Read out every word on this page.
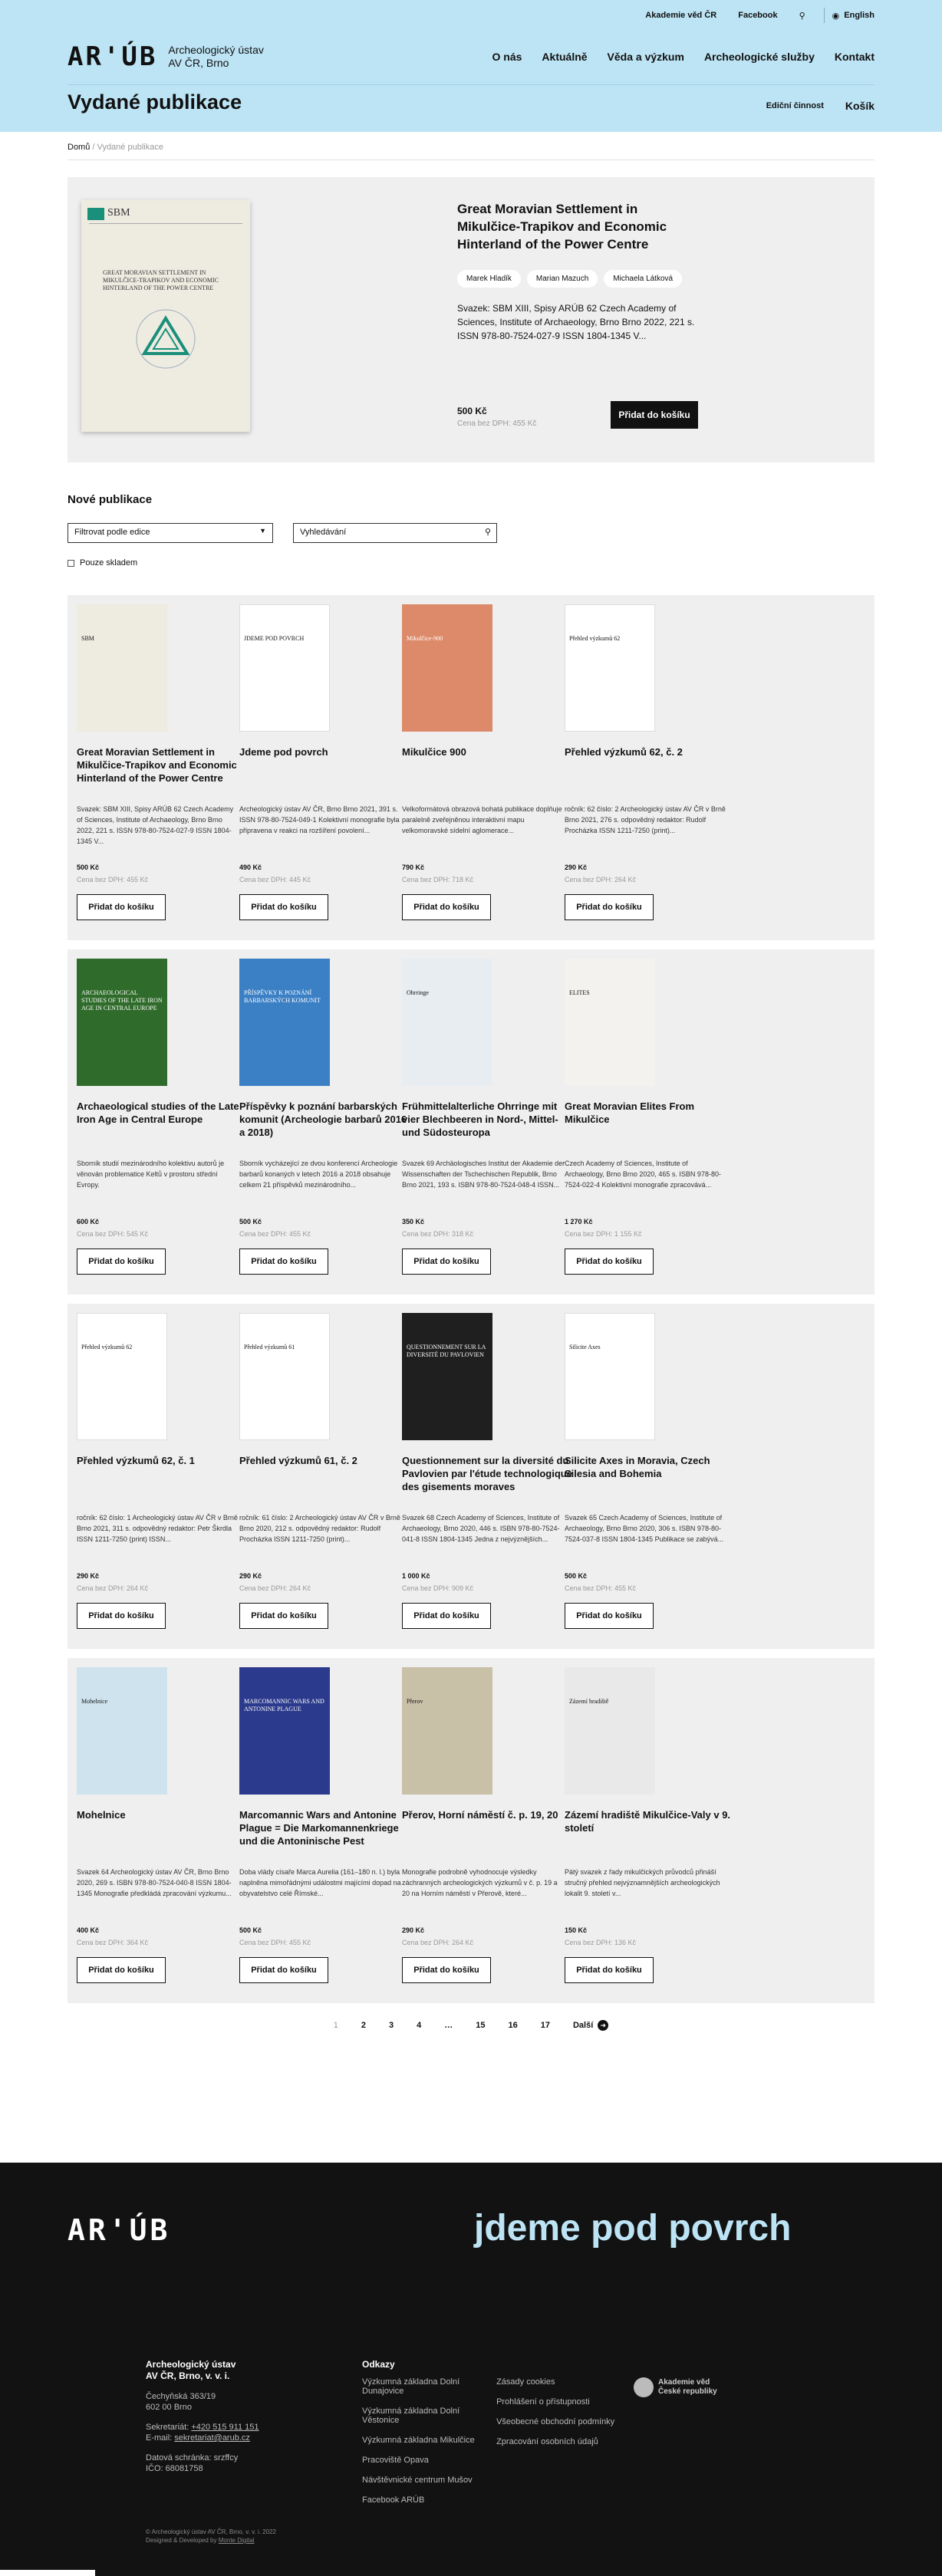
Akademie věd ČR	Facebook	⚲	◉ English
AR'ÚB Archeologický ústav
AV ČR, Brno	O nás Aktuálně Věda a výzkum Archeologické služby Kontakt
Vydané publikace	Ediční činnost Košík
Domů / Vydané publikace
SBM
GREAT MORAVIAN SETTLEMENT IN MIKULČICE-TRAPIKOV AND ECONOMIC HINTERLAND OF THE POWER CENTRE
Great Moravian Settlement in Mikulčice-Trapikov and Economic Hinterland of the Power Centre
Marek Hladík	Marian Mazuch	Michaela Látková
Svazek: SBM XIII, Spisy ARÚB 62 Czech Academy of Sciences, Institute of Archaeology, Brno Brno 2022, 221 s. ISSN 978-80-7524-027-9 ISSN 1804-1345 V...
500 Kč
Cena bez DPH: 455 Kč
Přidat do košíku
Nové publikace
Filtrovat podle edice	▼	Vyhledávání	⚲
Pouze skladem
SBM
Great Moravian Settlement in Mikulčice-Trapikov and Economic Hinterland of the Power Centre
Svazek: SBM XIII, Spisy ARÚB 62 Czech Academy of Sciences, Institute of Archaeology, Brno Brno 2022, 221 s. ISSN 978-80-7524-027-9 ISSN 1804-1345 V...
500 Kč
Cena bez DPH: 455 Kč
Přidat do košíku
JDEME POD POVRCH
Jdeme pod povrch
Archeologický ústav AV ČR, Brno Brno 2021, 391 s. ISSN 978-80-7524-049-1 Kolektivní monografie byla připravena v reakci na rozšíření povolení...
490 Kč
Cena bez DPH: 445 Kč
Přidat do košíku
Mikulčice-900
Mikulčice 900
Velkoformátová obrazová bohatá publikace doplňuje paralelně zveřejněnou interaktivní mapu velkomoravské sídelní aglomerace...
790 Kč
Cena bez DPH: 718 Kč
Přidat do košíku
Přehled výzkumů 62
Přehled výzkumů 62, č. 2
ročník: 62 číslo: 2 Archeologický ústav AV ČR v Brně Brno 2021, 276 s. odpovědný redaktor: Rudolf Procházka ISSN 1211-7250 (print)...
290 Kč
Cena bez DPH: 264 Kč
Přidat do košíku
ARCHAEOLOGICAL STUDIES OF THE LATE IRON AGE IN CENTRAL EUROPE
Archaeological studies of the Late Iron Age in Central Europe
Sborník studií mezinárodního kolektivu autorů je věnován problematice Keltů v prostoru střední Evropy.
600 Kč
Cena bez DPH: 545 Kč
Přidat do košíku
PŘÍSPĚVKY K POZNÁNÍ BARBARSKÝCH KOMUNIT
Příspěvky k poznání barbarských komunit (Archeologie barbarů 2016 a 2018)
Sborník vycházející ze dvou konferencí Archeologie barbarů konaných v letech 2016 a 2018 obsahuje celkem 21 příspěvků mezinárodního...
500 Kč
Cena bez DPH: 455 Kč
Přidat do košíku
Ohrringe
Frühmittelalterliche Ohrringe mit vier Blechbeeren in Nord-, Mittel- und Südosteuropa
Svazek 69 Archäologisches Institut der Akademie der Wissenschaften der Tschechischen Republik, Brno Brno 2021, 193 s. ISBN 978-80-7524-048-4 ISSN...
350 Kč
Cena bez DPH: 318 Kč
Přidat do košíku
ELITES
Great Moravian Elites From Mikulčice
Czech Academy of Sciences, Institute of Archaeology, Brno Brno 2020, 465 s. ISBN 978-80-7524-022-4 Kolektivní monografie zpracovává...
1 270 Kč
Cena bez DPH: 1 155 Kč
Přidat do košíku
Přehled výzkumů 62
Přehled výzkumů 62, č. 1
ročník: 62 číslo: 1 Archeologický ústav AV ČR v Brně Brno 2021, 311 s. odpovědný redaktor: Petr Škrdla ISSN 1211-7250 (print) ISSN...
290 Kč
Cena bez DPH: 264 Kč
Přidat do košíku
Přehled výzkumů 61
Přehled výzkumů 61, č. 2
ročník: 61 číslo: 2 Archeologický ústav AV ČR v Brně Brno 2020, 212 s. odpovědný redaktor: Rudolf Procházka ISSN 1211-7250 (print)...
290 Kč
Cena bez DPH: 264 Kč
Přidat do košíku
QUESTIONNEMENT SUR LA DIVERSITÉ DU PAVLOVIEN
Questionnement sur la diversité du Pavlovien par l'étude technologique des gisements moraves
Svazek 68 Czech Academy of Sciences, Institute of Archaeology, Brno 2020, 446 s. ISBN 978-80-7524-041-8 ISSN 1804-1345 Jedna z nejvýznějších...
1 000 Kč
Cena bez DPH: 909 Kč
Přidat do košíku
Silicite Axes
Silicite Axes in Moravia, Czech Silesia and Bohemia
Svazek 65 Czech Academy of Sciences, Institute of Archaeology, Brno Brno 2020, 306 s. ISBN 978-80-7524-037-8 ISSN 1804-1345 Publikace se zabývá...
500 Kč
Cena bez DPH: 455 Kč
Přidat do košíku
Mohelnice
Mohelnice
Svazek 64 Archeologický ústav AV ČR, Brno Brno 2020, 269 s. ISBN 978-80-7524-040-8 ISSN 1804-1345 Monografie předkládá zpracování výzkumu...
400 Kč
Cena bez DPH: 364 Kč
Přidat do košíku
MARCOMANNIC WARS AND ANTONINE PLAGUE
Marcomannic Wars and Antonine Plague = Die Markomannenkriege und die Antoninische Pest
Doba vlády císaře Marca Aurelia (161–180 n. l.) byla naplněna mimořádnými událostmi majícími dopad na obyvatelstvo celé Římské...
500 Kč
Cena bez DPH: 455 Kč
Přidat do košíku
Přerov
Přerov, Horní náměstí č. p. 19, 20
Monografie podrobně vyhodnocuje výsledky záchranných archeologických výzkumů v č. p. 19 a 20 na Horním náměstí v Přerově, které...
290 Kč
Cena bez DPH: 264 Kč
Přidat do košíku
Zázemí hradiště
Zázemí hradiště Mikulčice-Valy v 9. století
Pátý svazek z řady mikulčických průvodců přináší stručný přehled nejvýznamnějších archeologických lokalit 9. století v...
150 Kč
Cena bez DPH: 136 Kč
Přidat do košíku
1	2	3	4	…	15	16	17	Další	➜
AR'ÚB	jdeme pod povrch
Archeologický ústav
AV ČR, Brno, v. v. i.
Čechyňská 363/19
602 00 Brno
Sekretariát: +420 515 911 151
E-mail: sekretariat@arub.cz
Datová schránka: srzffcy
IČO: 68081758
Odkazy
Výzkumná základna Dolní Dunajovice
Výzkumná základna Dolní Věstonice
Výzkumná základna Mikulčice
Pracoviště Opava
Návštěvnické centrum Mušov
Facebook ARÚB

Zásady cookies
Prohlášení o přístupnosti
Všeobecné obchodní podmínky
Zpracování osobních údajů
Akademie věd
České republiky
© Archeologický ústav AV ČR, Brno, v. v. i. 2022
Designed & Developed by Monte Digital
